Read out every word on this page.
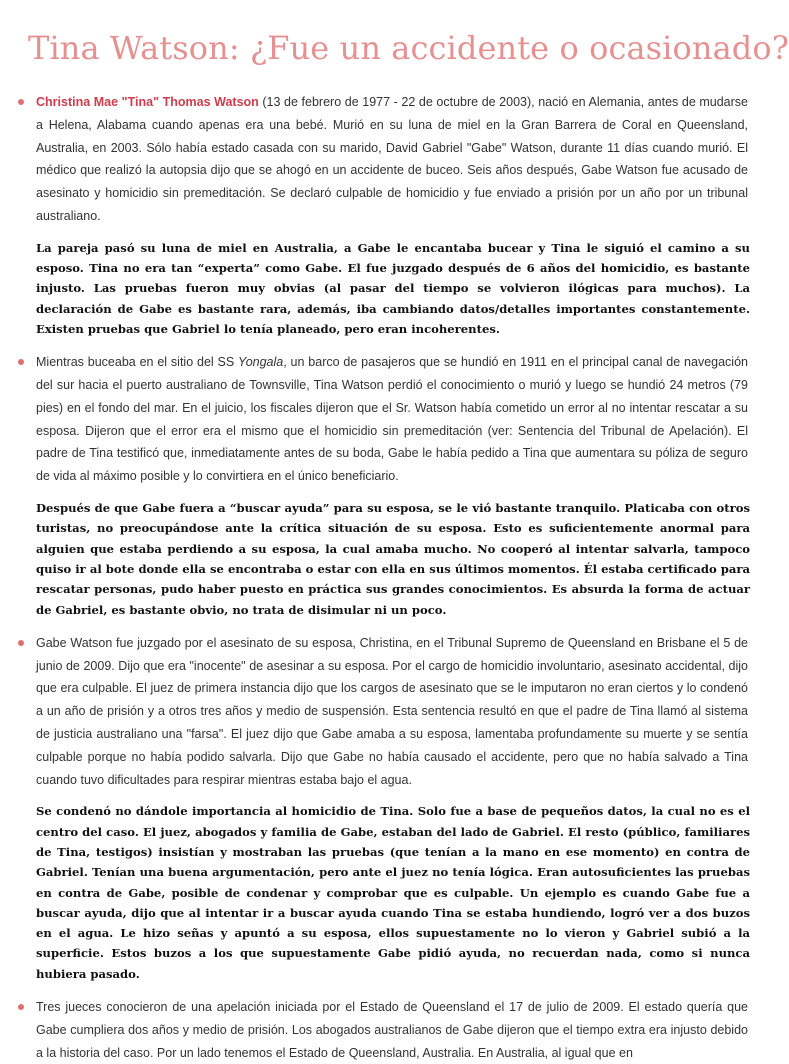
Tina Watson: ¿Fue un accidente o ocasionado?

Christina Mae "Tina" Thomas Watson (13 de febrero de 1977 - 22 de octubre de 2003), nació en Alemania, antes de mudarse a Helena, Alabama cuando apenas era una bebé. Murió en su luna de miel en la Gran Barrera de Coral en Queensland, Australia, en 2003. Sólo había estado casada con su marido, David Gabriel "Gabe" Watson, durante 11 días cuando murió. El médico que realizó la autopsia dijo que se ahogó en un accidente de buceo. Seis años después, Gabe Watson fue acusado de asesinato y homicidio sin premeditación. Se declaró culpable de homicidio y fue enviado a prisión por un año por un tribunal australiano.

La pareja pasó su luna de miel en Australia, a Gabe le encantaba bucear y Tina le siguió el camino a su esposo. Tina no era tan “experta” como Gabe. El fue juzgado después de 6 años del homicidio, es bastante injusto. Las pruebas fueron muy obvias (al pasar del tiempo se volvieron ilógicas para muchos). La declaración de Gabe es bastante rara, además, iba cambiando datos/detalles importantes constantemente. Existen pruebas que Gabriel lo tenía planeado, pero eran incoherentes.

Mientras buceaba en el sitio del SS Yongala, un barco de pasajeros que se hundió en 1911 en el principal canal de navegación del sur hacia el puerto australiano de Townsville, Tina Watson perdió el conocimiento o murió y luego se hundió 24 metros (79 pies) en el fondo del mar. En el juicio, los fiscales dijeron que el Sr. Watson había cometido un error al no intentar rescatar a su esposa. Dijeron que el error era el mismo que el homicidio sin premeditación (ver: Sentencia del Tribunal de Apelación). El padre de Tina testificó que, inmediatamente antes de su boda, Gabe le había pedido a Tina que aumentara su póliza de seguro de vida al máximo posible y lo convirtiera en el único beneficiario.

Después de que Gabe fuera a “buscar ayuda” para su esposa, se le vió bastante tranquilo. Platicaba con otros turistas, no preocupándose ante la crítica situación de su esposa. Esto es suficientemente anormal para alguien que estaba perdiendo a su esposa, la cual amaba mucho. No cooperó al intentar salvarla, tampoco quiso ir al bote donde ella se encontraba o estar con ella en sus últimos momentos. Él estaba certificado para rescatar personas, pudo haber puesto en práctica sus grandes conocimientos. Es absurda la forma de actuar de Gabriel, es bastante obvio, no trata de disimular ni un poco.

Gabe Watson fue juzgado por el asesinato de su esposa, Christina, en el Tribunal Supremo de Queensland en Brisbane el 5 de junio de 2009. Dijo que era "inocente" de asesinar a su esposa. Por el cargo de homicidio involuntario, asesinato accidental, dijo que era culpable. El juez de primera instancia dijo que los cargos de asesinato que se le imputaron no eran ciertos y lo condenó a un año de prisión y a otros tres años y medio de suspensión. Esta sentencia resultó en que el padre de Tina llamó al sistema de justicia australiano una "farsa". El juez dijo que Gabe amaba a su esposa, lamentaba profundamente su muerte y se sentía culpable porque no había podido salvarla. Dijo que Gabe no había causado el accidente, pero que no había salvado a Tina cuando tuvo dificultades para respirar mientras estaba bajo el agua.

Se condenó no dándole importancia al homicidio de Tina. Solo fue a base de pequeños datos, la cual no es el centro del caso. El juez, abogados y familia de Gabe, estaban del lado de Gabriel. El resto (público, familiares de Tina, testigos) insistían y mostraban las pruebas (que tenían a la mano en ese momento) en contra de Gabriel. Tenían una buena argumentación, pero ante el juez no tenía lógica. Eran autosuficientes las pruebas en contra de Gabe, posible de condenar y comprobar que es culpable. Un ejemplo es cuando Gabe fue a buscar ayuda, dijo que al intentar ir a buscar ayuda cuando Tina se estaba hundiendo, logró ver a dos buzos en el agua. Le hizo señas y apuntó a su esposa, ellos supuestamente no lo vieron y Gabriel subió a la superficie. Estos buzos a los que supuestamente Gabe pidió ayuda, no recuerdan nada, como si nunca hubiera pasado.

Tres jueces conocieron de una apelación iniciada por el Estado de Queensland el 17 de julio de 2009. El estado quería que Gabe cumpliera dos años y medio de prisión. Los abogados australianos de Gabe dijeron que el tiempo extra era injusto debido a la historia del caso. Por un lado tenemos el Estado de Queensland, Australia. En Australia, al igual que en
